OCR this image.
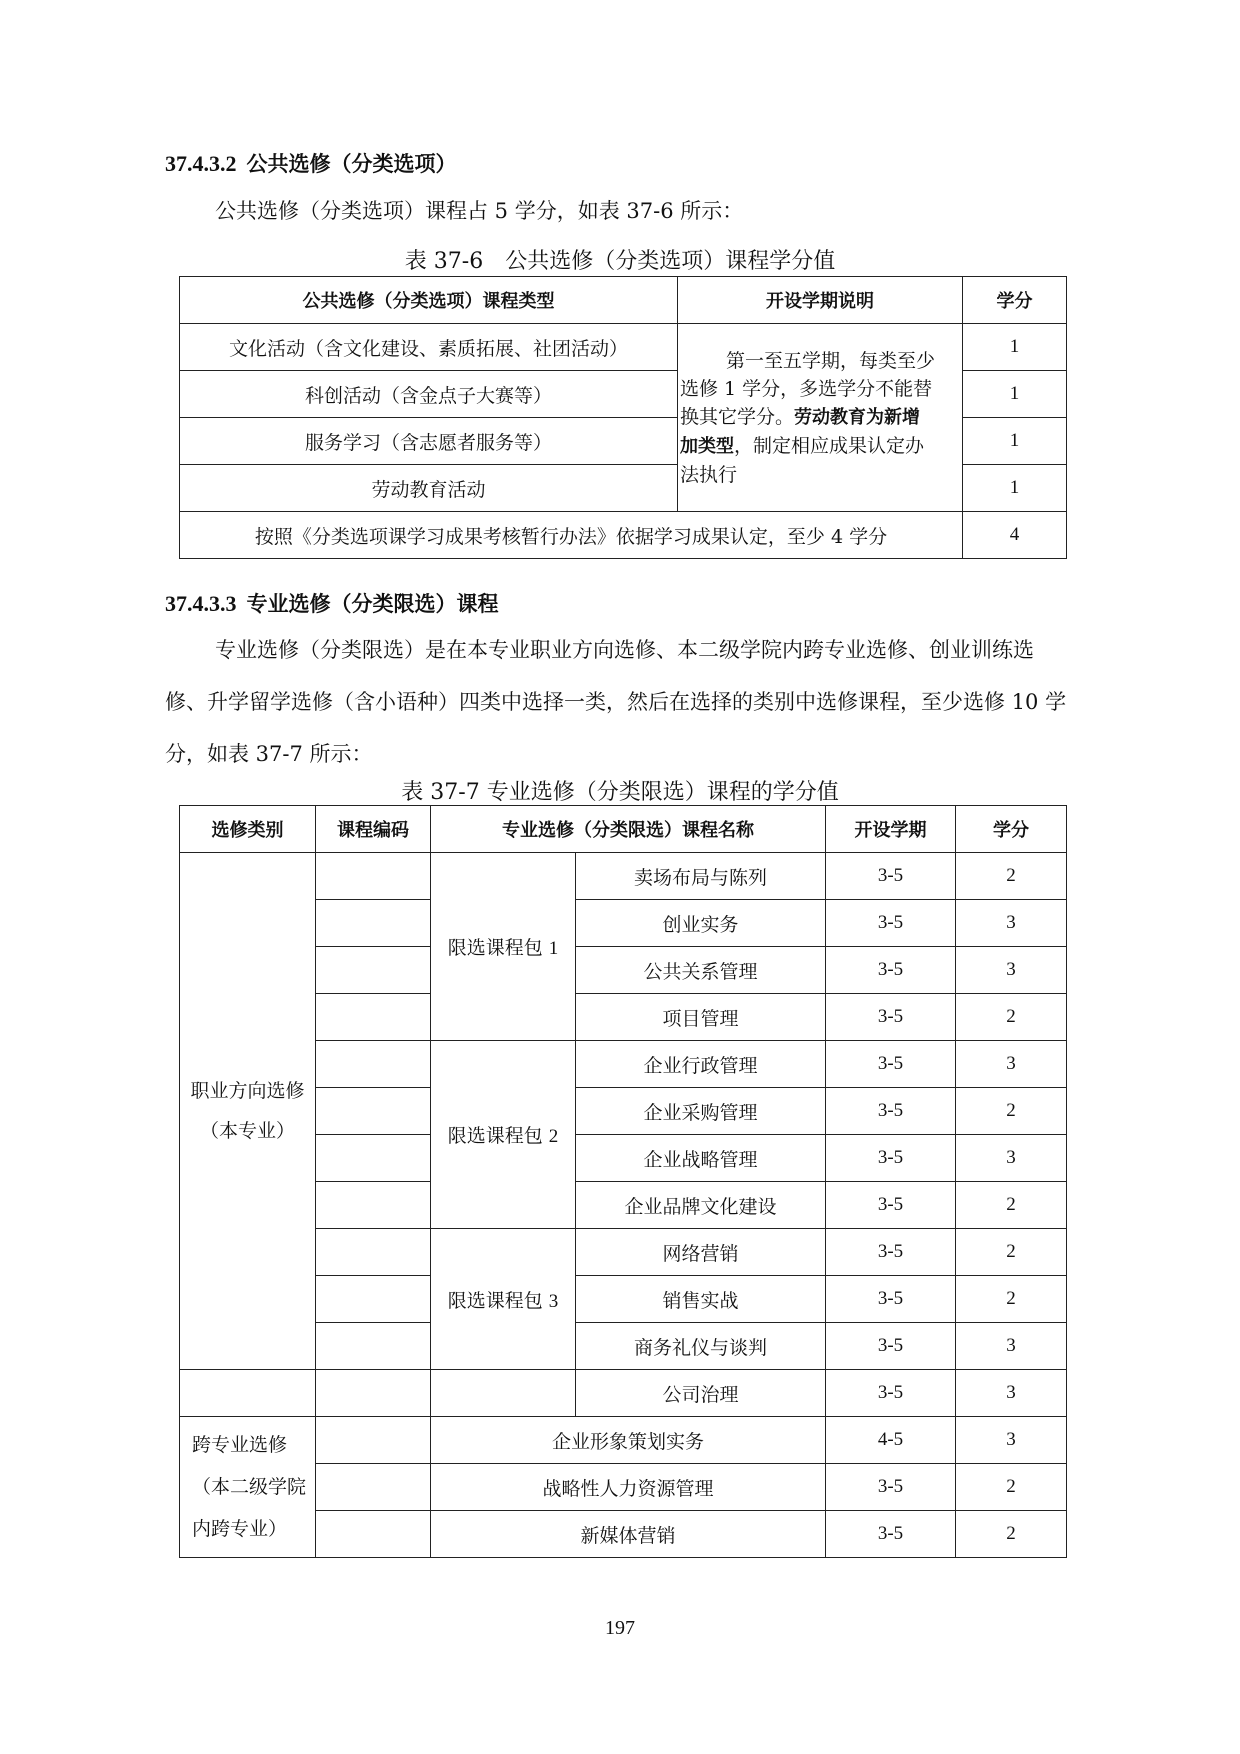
37.4.3.2 公共选修（分类选项）
公共选修（分类选项）课程占 5 学分，如表 37-6 所示：
表 37-6　公共选修（分类选项）课程学分值
公共选修（分类选项）课程类型	开设学期说明	学分
文化活动（含文化建设、素质拓展、社团活动）	第一至五学期，每类至少
选修 1 学分，多选学分不能替
换其它学分。劳动教育为新增
加类型，制定相应成果认定办
法执行	1
科创活动（含金点子大赛等）		1
服务学习（含志愿者服务等）		1
劳动教育活动		1
按照《分类选项课学习成果考核暂行办法》依据学习成果认定，至少 4 学分		4
37.4.3.3 专业选修（分类限选）课程
专业选修（分类限选）是在本专业职业方向选修、本二级学院内跨专业选修、创业训练选修、升学留学选修（含小语种）四类中选择一类，然后在选择的类别中选修课程，至少选修 10 学分，如表 37-7 所示：
表 37-7 专业选修（分类限选）课程的学分值
选修类别	课程编码	专业选修（分类限选）课程名称		开设学期	学分

职业方向选修
（本专业）		限选课程包 1	卖场布局与陈列	3-5	2
			创业实务	3-5	3
			公共关系管理	3-5	3
			项目管理	3-5	2
		限选课程包 2	企业行政管理	3-5	3
			企业采购管理	3-5	2
			企业战略管理	3-5	3
			企业品牌文化建设	3-5	2
		限选课程包 3	网络营销	3-5	2
			销售实战	3-5	2
			商务礼仪与谈判	3-5	3
			公司治理	3-5	3

跨专业选修
（本二级学院
内跨专业）		企业形象策划实务		4-5	3
		战略性人力资源管理		3-5	2
		新媒体营销		3-5	2
197
